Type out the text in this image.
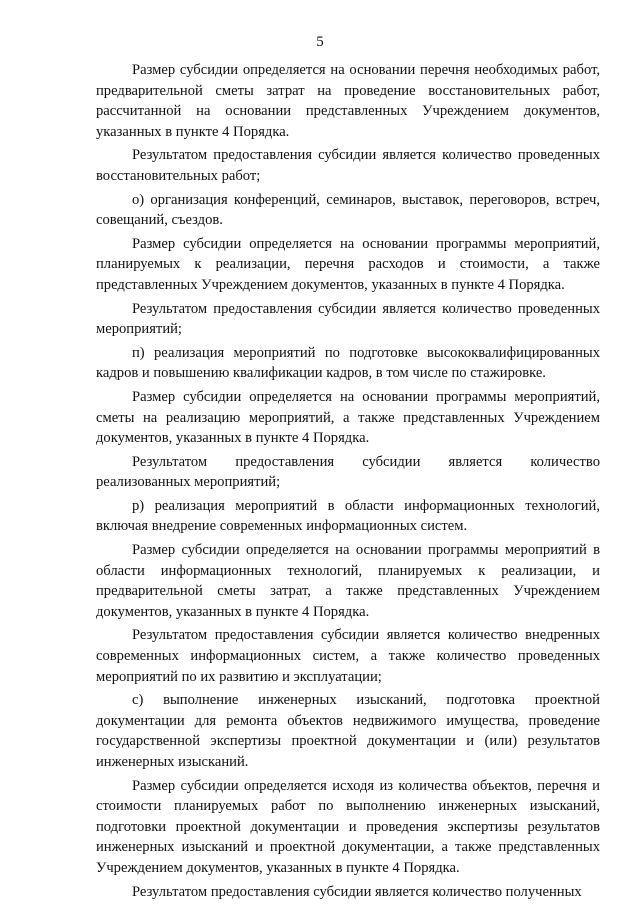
5

Размер субсидии определяется на основании перечня необходимых работ, предварительной сметы затрат на проведение восстановительных работ, рассчитанной на основании представленных Учреждением документов, указанных в пункте 4 Порядка.

Результатом предоставления субсидии является количество проведенных восстановительных работ;

о) организация конференций, семинаров, выставок, переговоров, встреч, совещаний, съездов.

Размер субсидии определяется на основании программы мероприятий, планируемых к реализации, перечня расходов и стоимости, а также представленных Учреждением документов, указанных в пункте 4 Порядка.

Результатом предоставления субсидии является количество проведенных мероприятий;

п) реализация мероприятий по подготовке высококвалифицированных кадров и повышению квалификации кадров, в том числе по стажировке.

Размер субсидии определяется на основании программы мероприятий, сметы на реализацию мероприятий, а также представленных Учреждением документов, указанных в пункте 4 Порядка.

Результатом предоставления субсидии является количество реализованных мероприятий;

р) реализация мероприятий в области информационных технологий, включая внедрение современных информационных систем.

Размер субсидии определяется на основании программы мероприятий в области информационных технологий, планируемых к реализации, и предварительной сметы затрат, а также представленных Учреждением документов, указанных в пункте 4 Порядка.

Результатом предоставления субсидии является количество внедренных современных информационных систем, а также количество проведенных мероприятий по их развитию и эксплуатации;

с) выполнение инженерных изысканий, подготовка проектной документации для ремонта объектов недвижимого имущества, проведение государственной экспертизы проектной документации и (или) результатов инженерных изысканий.

Размер субсидии определяется исходя из количества объектов, перечня и стоимости планируемых работ по выполнению инженерных изысканий, подготовки проектной документации и проведения экспертизы результатов инженерных изысканий и проектной документации, а также представленных Учреждением документов, указанных в пункте 4 Порядка.

Результатом предоставления субсидии является количество полученных
